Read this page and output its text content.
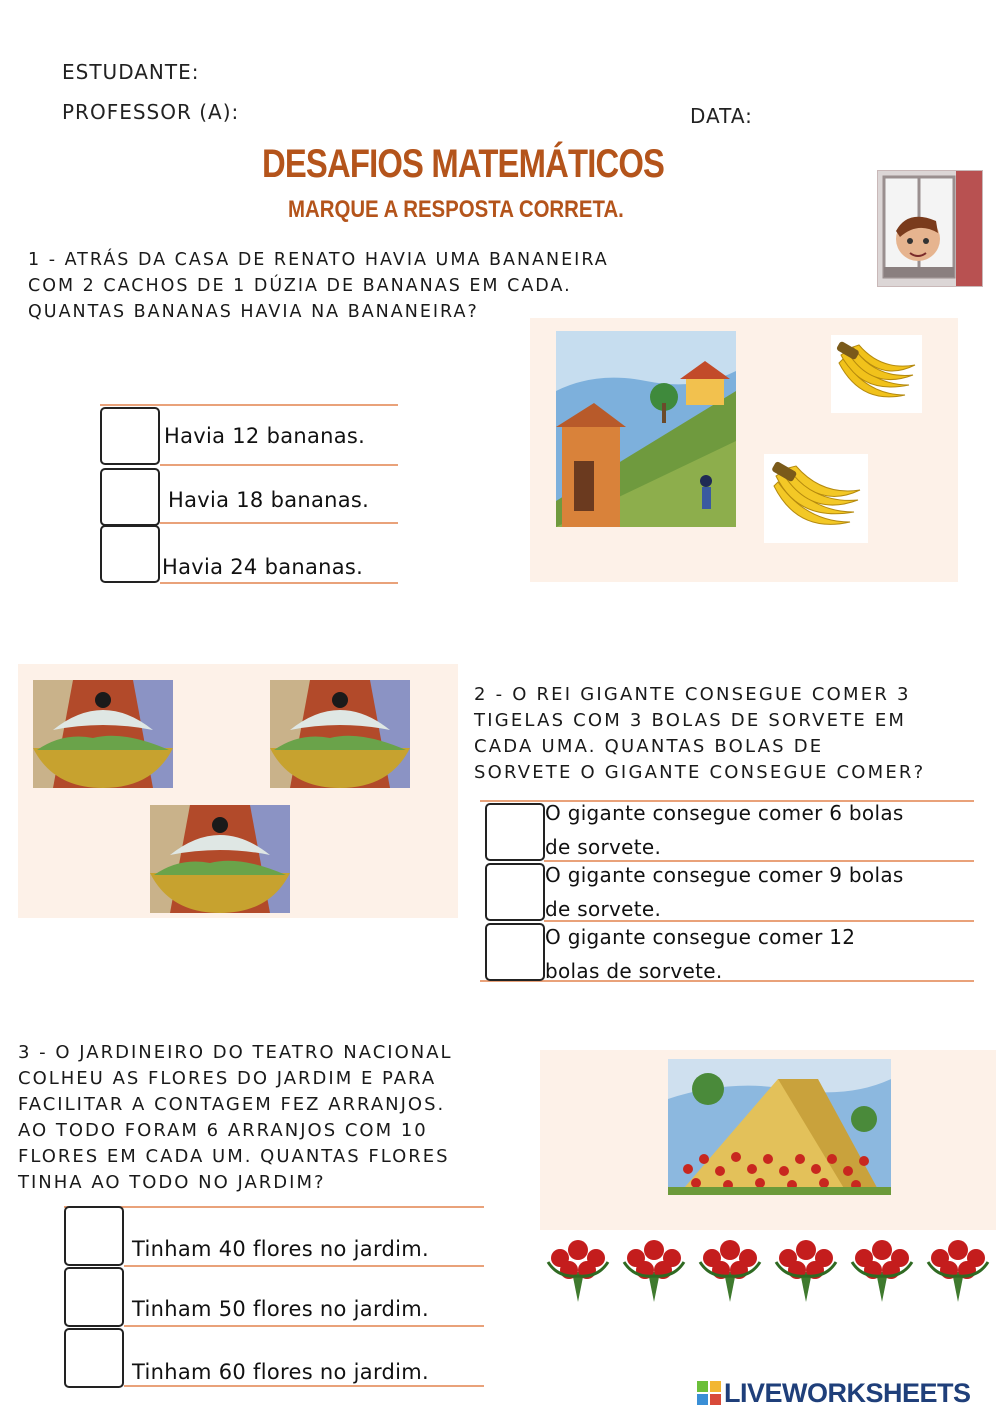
ESTUDANTE:
PROFESSOR (A):	DATA:
DESAFIOS MATEMÁTICOS
MARQUE A RESPOSTA CORRETA.
1 - ATRÁS DA CASA DE RENATO HAVIA UMA BANANEIRA
COM 2 CACHOS DE 1 DÚZIA DE BANANAS EM CADA.
QUANTAS BANANAS HAVIA NA BANANEIRA?
Havia 12 bananas.
Havia 18 bananas.
Havia 24 bananas.
2 - O REI GIGANTE CONSEGUE COMER 3
TIGELAS COM 3 BOLAS DE SORVETE EM
CADA UMA. QUANTAS BOLAS DE
SORVETE O GIGANTE CONSEGUE COMER?
O gigante consegue comer 6 bolas
de sorvete.
O gigante consegue comer 9 bolas
de sorvete.
O gigante consegue comer 12
bolas de sorvete.
3 - O JARDINEIRO DO TEATRO NACIONAL
COLHEU AS FLORES DO JARDIM E PARA
FACILITAR A CONTAGEM FEZ ARRANJOS.
AO TODO FORAM 6 ARRANJOS COM 10
FLORES EM CADA UM. QUANTAS FLORES
TINHA AO TODO NO JARDIM?
Tinham 40 flores no jardim.
Tinham 50 flores no jardim.
Tinham 60 flores no jardim.
LIVEWORKSHEETS
